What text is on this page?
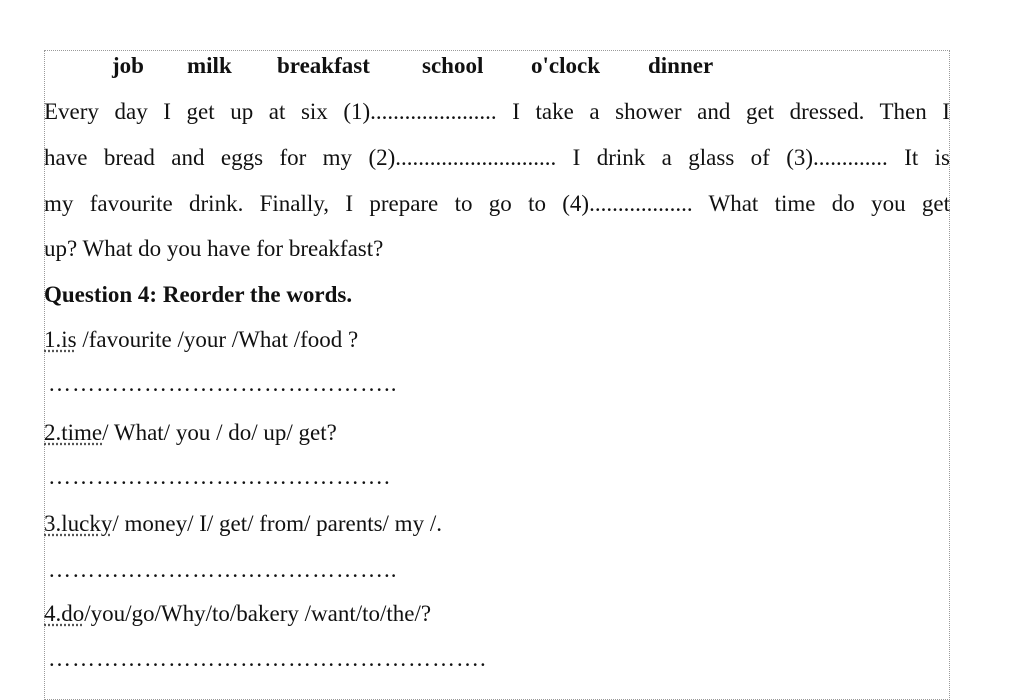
job milk breakfast school o'clock dinner
Every day I get up at six (1)...................... I take a shower and get dressed. Then I
have bread and eggs for my (2)............................ I drink a glass of (3)............. It is
my favourite drink. Finally, I prepare to go to (4).................. What time do you get
up? What do you have for breakfast?
Question 4: Reorder the words.
1.is /favourite /your /What /food ?
……………………………………..
2.time/ What/ you / do/ up/ get?
…………………………………….
3.lucky/ money/ I/ get/ from/ parents/ my /.
……………………………………..
4.do/you/go/Why/to/bakery /want/to/the/?
……………………………………………….
